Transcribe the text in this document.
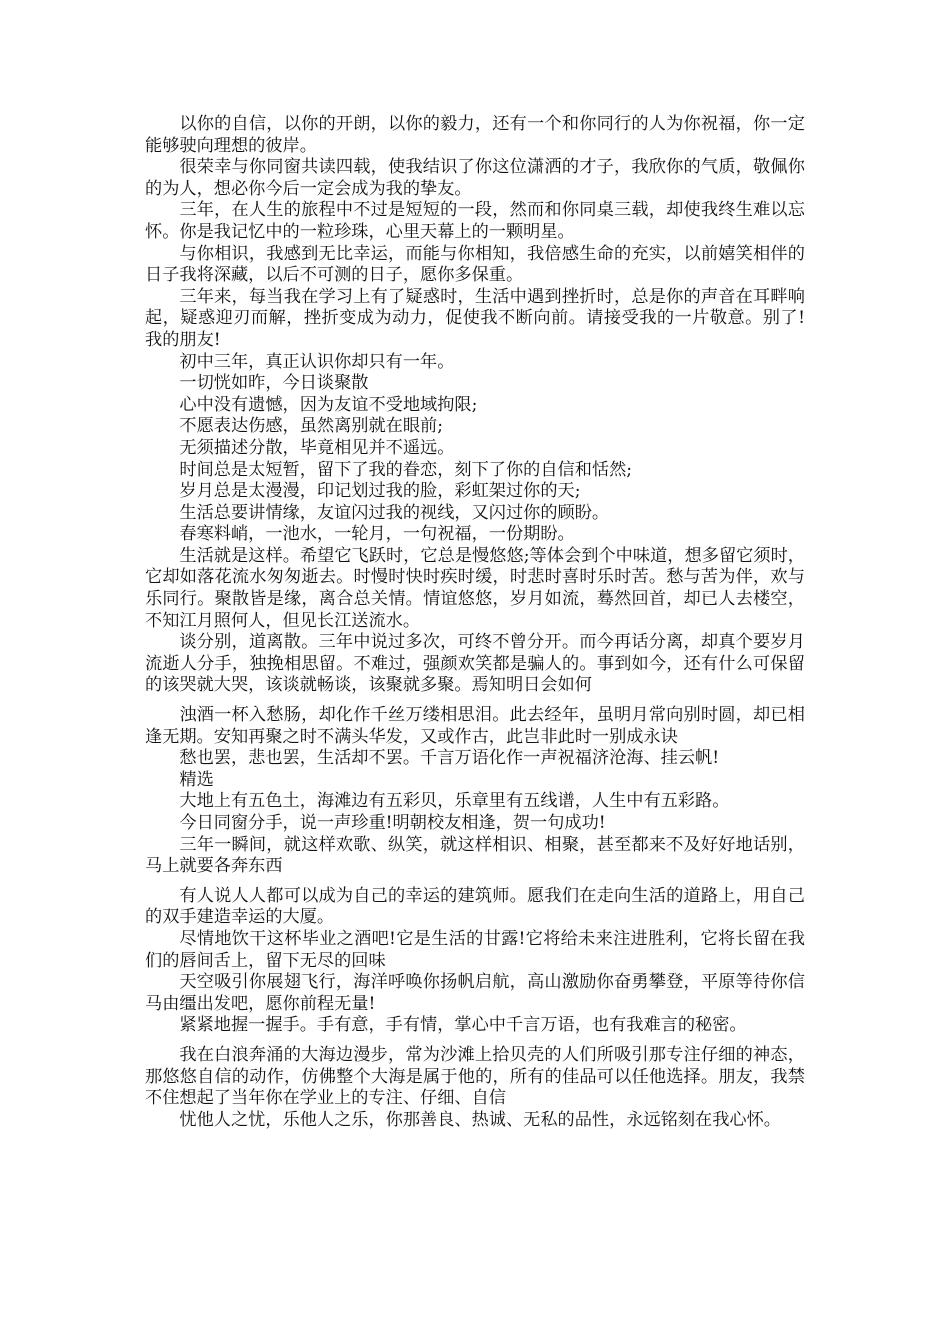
以你的自信，以你的开朗，以你的毅力，还有一个和你同行的人为你祝福，你一定能够驶向理想的彼岸。

很荣幸与你同窗共读四载，使我结识了你这位潇洒的才子，我欣你的气质，敬佩你的为人，想必你今后一定会成为我的挚友。

三年，在人生的旅程中不过是短短的一段，然而和你同桌三载，却使我终生难以忘怀。你是我记忆中的一粒珍珠，心里天幕上的一颗明星。

与你相识，我感到无比幸运，而能与你相知，我倍感生命的充实，以前嬉笑相伴的日子我将深藏，以后不可测的日子，愿你多保重。

三年来，每当我在学习上有了疑惑时，生活中遇到挫折时，总是你的声音在耳畔响起，疑惑迎刃而解，挫折变成为动力，促使我不断向前。请接受我的一片敬意。别了!我的朋友!

初中三年，真正认识你却只有一年。

一切恍如昨，今日谈聚散

心中没有遗憾，因为友谊不受地域拘限;

不愿表达伤感，虽然离别就在眼前;

无须描述分散，毕竟相见并不遥远。

时间总是太短暂，留下了我的眷恋，刻下了你的自信和恬然;

岁月总是太漫漫，印记划过我的脸，彩虹架过你的天;

生活总要讲情缘，友谊闪过我的视线，又闪过你的顾盼。

春寒料峭，一池水，一轮月，一句祝福，一份期盼。

生活就是这样。希望它飞跃时，它总是慢悠悠;等体会到个中味道，想多留它须时，它却如落花流水匆匆逝去。时慢时快时疾时缓，时悲时喜时乐时苦。愁与苦为伴，欢与乐同行。聚散皆是缘，离合总关情。情谊悠悠，岁月如流，蓦然回首，却已人去楼空，不知江月照何人，但见长江送流水。

谈分别，道离散。三年中说过多次，可终不曾分开。而今再话分离，却真个要岁月流逝人分手，独挽相思留。不难过，强颜欢笑都是骗人的。事到如今，还有什么可保留的该哭就大哭，该谈就畅谈，该聚就多聚。焉知明日会如何

浊酒一杯入愁肠，却化作千丝万缕相思泪。此去经年，虽明月常向别时圆，却已相逢无期。安知再聚之时不满头华发，又或作古，此岂非此时一别成永诀

愁也罢，悲也罢，生活却不罢。千言万语化作一声祝福济沧海、挂云帆!

精选

大地上有五色土，海滩边有五彩贝，乐章里有五线谱，人生中有五彩路。

今日同窗分手，说一声珍重!明朝校友相逢，贺一句成功!

三年一瞬间，就这样欢歌、纵笑，就这样相识、相聚，甚至都来不及好好地话别，马上就要各奔东西

有人说人人都可以成为自己的幸运的建筑师。愿我们在走向生活的道路上，用自己的双手建造幸运的大厦。

尽情地饮干这杯毕业之酒吧!它是生活的甘露!它将给未来注进胜利，它将长留在我们的唇间舌上，留下无尽的回味

天空吸引你展翅飞行，海洋呼唤你扬帆启航，高山激励你奋勇攀登，平原等待你信马由缰出发吧，愿你前程无量!

紧紧地握一握手。手有意，手有情，掌心中千言万语，也有我难言的秘密。

我在白浪奔涌的大海边漫步，常为沙滩上拾贝壳的人们所吸引那专注仔细的神态，那悠悠自信的动作，仿佛整个大海是属于他的，所有的佳品可以任他选择。朋友，我禁不住想起了当年你在学业上的专注、仔细、自信

忧他人之忧，乐他人之乐，你那善良、热诚、无私的品性，永远铭刻在我心怀。
